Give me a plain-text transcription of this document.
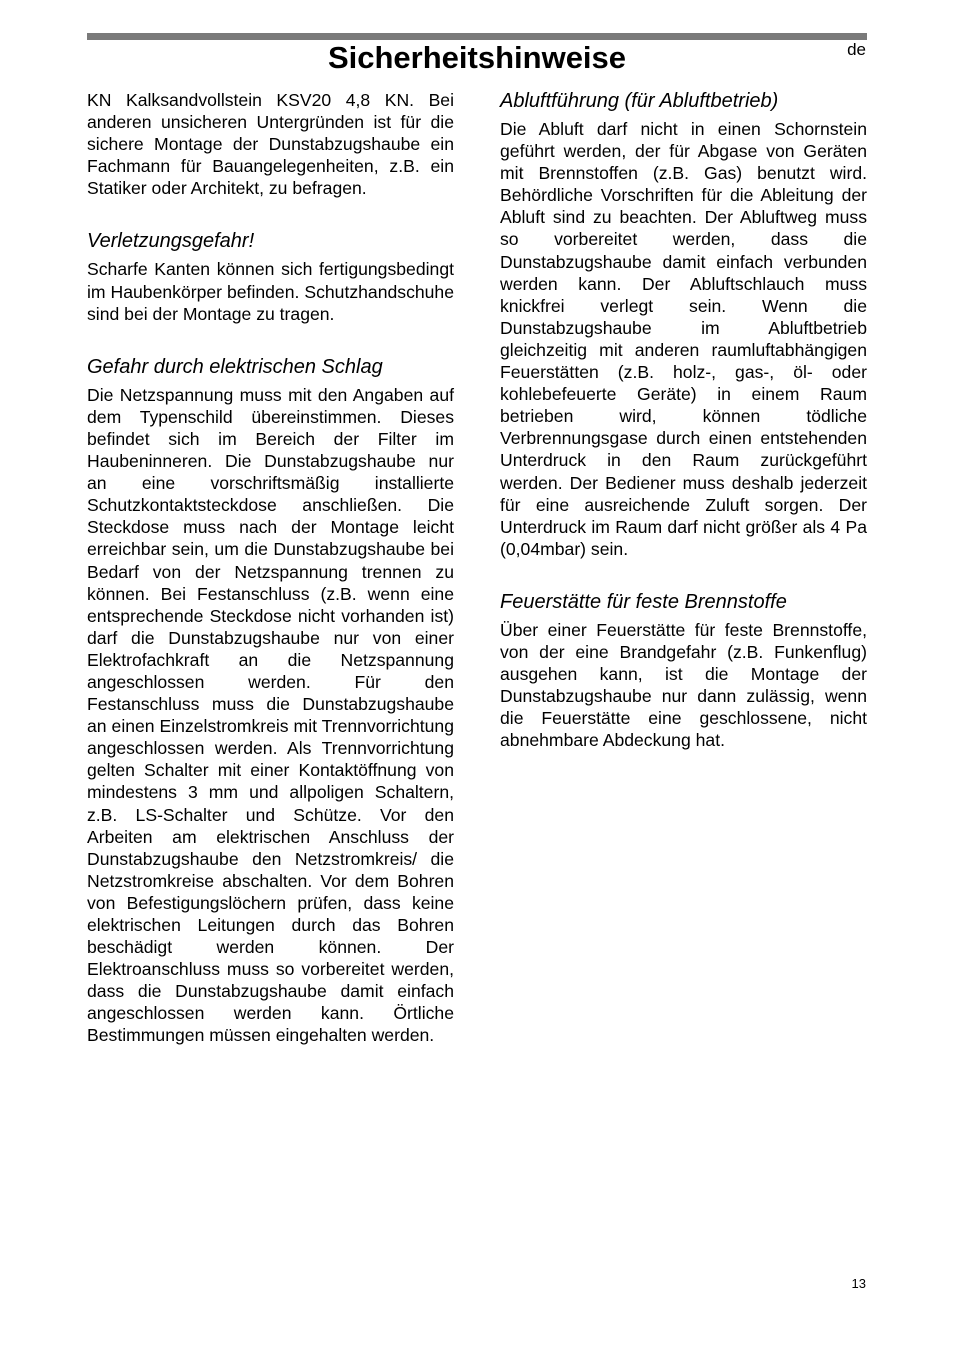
Sicherheitshinweise	de

KN Kalksandvollstein KSV20 4,8 KN. Bei anderen unsicheren Untergründen ist für die sichere Montage der Dunstabzugshaube ein Fachmann für Bauangelegenheiten, z.B. ein Statiker oder Architekt, zu befragen.

Verletzungsgefahr!

Scharfe Kanten können sich fertigungsbedingt im Haubenkörper befinden. Schutzhandschuhe sind bei der Montage zu tragen.

Gefahr durch elektrischen Schlag

Die Netzspannung muss mit den Angaben auf dem Typenschild übereinstimmen. Dieses befindet sich im Bereich der Filter im Haubeninneren. Die Dunstabzugshaube nur an eine vorschriftsmäßig installierte Schutzkontaktsteckdose anschließen. Die Steckdose muss nach der Montage leicht erreichbar sein, um die Dunstabzugshaube bei Bedarf von der Netzspannung trennen zu können. Bei Festanschluss (z.B. wenn eine entsprechende Steckdose nicht vorhanden ist) darf die Dunstabzugshaube nur von einer Elektrofachkraft an die Netzspannung angeschlossen werden. Für den Festanschluss muss die Dunstabzugshaube an einen Einzelstromkreis mit Trennvorrichtung angeschlossen werden. Als Trennvorrichtung gelten Schalter mit einer Kontaktöffnung von mindestens 3 mm und allpoligen Schaltern, z.B. LS-Schalter und Schütze. Vor den Arbeiten am elektrischen Anschluss der Dunstabzugshaube den Netzstromkreis/ die Netzstromkreise abschalten. Vor dem Bohren von Befestigungslöchern prüfen, dass keine elektrischen Leitungen durch das Bohren beschädigt werden können. Der Elektroanschluss muss so vorbereitet werden, dass die Dunstabzugshaube damit einfach angeschlossen werden kann. Örtliche Bestimmungen müssen eingehalten werden.

Abluftführung (für Abluftbetrieb)

Die Abluft darf nicht in einen Schornstein geführt werden, der für Abgase von Geräten mit Brennstoffen (z.B. Gas) benutzt wird. Behördliche Vorschriften für die Ableitung der Abluft sind zu beachten. Der Abluftweg muss so vorbereitet werden, dass die Dunstabzugshaube damit einfach verbunden werden kann. Der Abluftschlauch muss knickfrei verlegt sein. Wenn die Dunstabzugshaube im Abluftbetrieb gleichzeitig mit anderen raumluftabhängigen Feuerstätten (z.B. holz-, gas-, öl- oder kohlebefeuerte Geräte) in einem Raum betrieben wird, können tödliche Verbrennungsgase durch einen entstehenden Unterdruck in den Raum zurückgeführt werden. Der Bediener muss deshalb jederzeit für eine ausreichende Zuluft sorgen. Der Unterdruck im Raum darf nicht größer als 4 Pa (0,04mbar) sein.

Feuerstätte für feste Brennstoffe

Über einer Feuerstätte für feste Brennstoffe, von der eine Brandgefahr (z.B. Funkenflug) ausgehen kann, ist die Montage der Dunstabzugshaube nur dann zulässig, wenn die Feuerstätte eine geschlossene, nicht abnehmbare Abdeckung hat.

13
